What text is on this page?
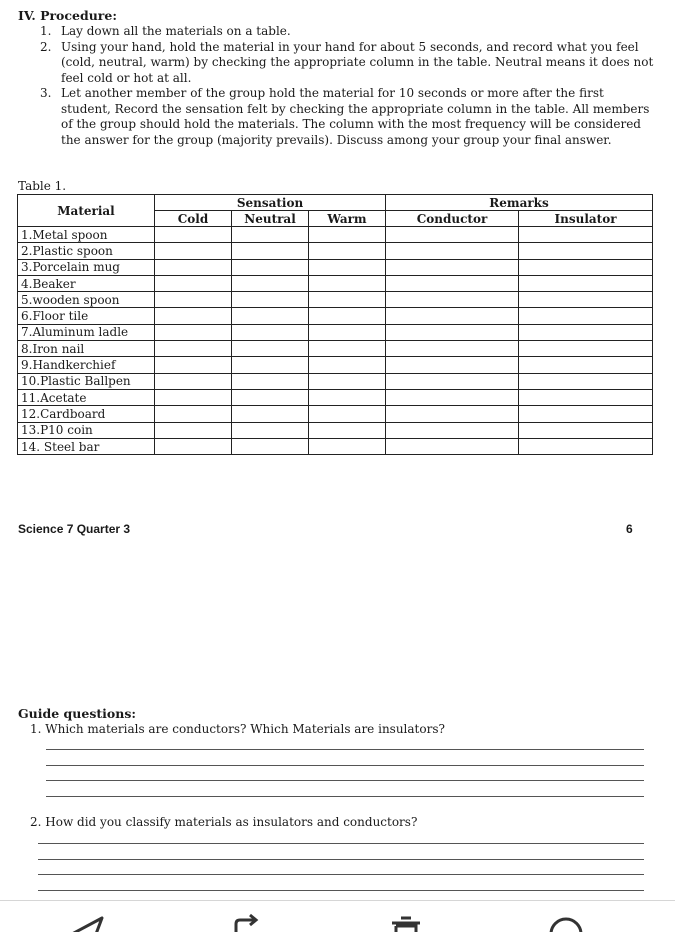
IV. Procedure:
1. Lay down all the materials on a table.
2. Using your hand, hold the material in your hand for about 5 seconds, and record what you feel (cold, neutral, warm) by checking the appropriate column in the table. Neutral means it does not feel cold or hot at all.
3. Let another member of the group hold the material for 10 seconds or more after the first student, Record the sensation felt by checking the appropriate column in the table. All members of the group should hold the materials. The column with the most frequency will be considered the answer for the group (majority prevails). Discuss among your group your final answer.
Table 1.
Material	Sensation			Remarks	
	Cold	Neutral	Warm	Conductor	Insulator
1.Metal spoon					
2.Plastic spoon					
3.Porcelain mug					
4.Beaker					
5.wooden spoon					
6.Floor tile					
7.Aluminum ladle					
8.Iron nail					
9.Handkerchief					
10.Plastic Ballpen					
11.Acetate					
12.Cardboard					
13.P10 coin					
14. Steel bar					
Science 7 Quarter 3	6
Guide questions:
1. Which materials are conductors? Which Materials are insulators?
2. How did you classify materials as insulators and conductors?
